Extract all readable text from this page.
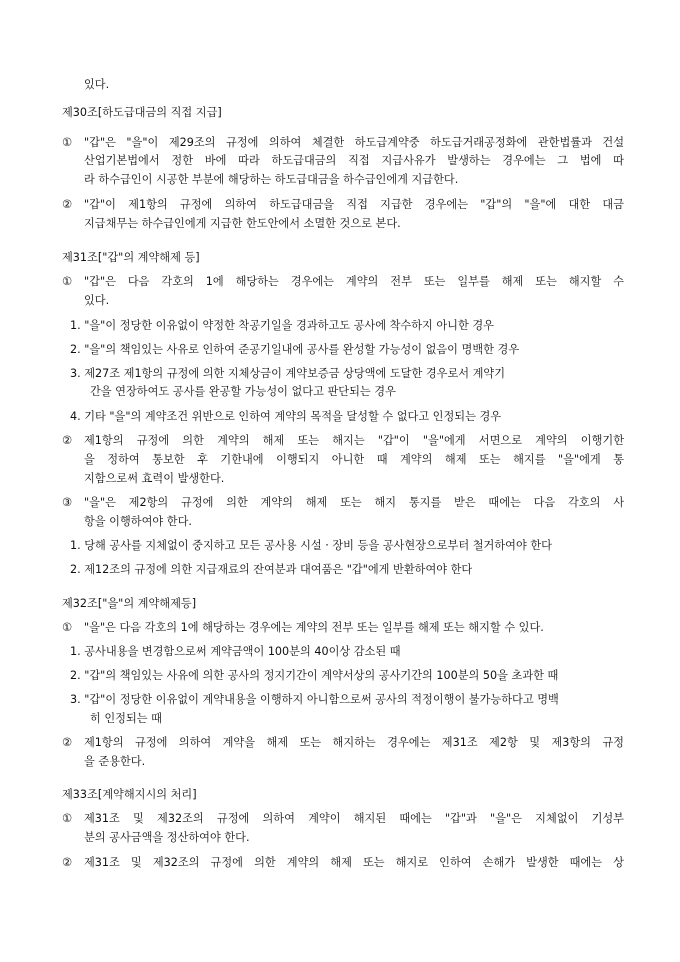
있다.
제30조[하도급대금의 직접 지급]
① "갑"은 "을"이 제29조의 규정에 의하여 체결한 하도급계약중 하도급거래공정화에 관한법률과 건설
산업기본법에서 정한 바에 따라 하도급대금의 직접 지급사유가 발생하는 경우에는 그 법에 따
라 하수급인이 시공한 부분에 해당하는 하도급대금을 하수급인에게 지급한다.
② "갑"이 제1항의 규정에 의하여 하도급대금을 직접 지급한 경우에는 "갑"의 "을"에 대한 대금
지급채무는 하수급인에게 지급한 한도안에서 소멸한 것으로 본다.
제31조["갑"의 계약해제 등]
① "갑"은 다음 각호의 1에 해당하는 경우에는 계약의 전부 또는 일부를 해제 또는 해지할 수
있다.
1. "을"이 정당한 이유없이 약정한 착공기일을 경과하고도 공사에 착수하지 아니한 경우
2. "을"의 책임있는 사유로 인하여 준공기일내에 공사를 완성할 가능성이 없음이 명백한 경우
3. 제27조 제1항의 규정에 의한 지체상금이 계약보증금 상당액에 도달한 경우로서 계약기
간을 연장하여도 공사를 완공할 가능성이 없다고 판단되는 경우
4. 기타 "을"의 계약조건 위반으로 인하여 계약의 목적을 달성할 수 없다고 인정되는 경우
② 제1항의 규정에 의한 계약의 해제 또는 해지는 "갑"이 "을"에게 서면으로 계약의 이행기한
을 정하여 통보한 후 기한내에 이행되지 아니한 때 계약의 해제 또는 해지를 "을"에게 통
지함으로써 효력이 발생한다.
③ "을"은 제2항의 규정에 의한 계약의 해제 또는 해지 통지를 받은 때에는 다음 각호의 사
항을 이행하여야 한다.
1. 당해 공사를 지체없이 중지하고 모든 공사용 시설 · 장비 등을 공사현장으로부터 철거하여야 한다
2. 제12조의 규정에 의한 지급재료의 잔여분과 대여품은 "갑"에게 반환하여야 한다
제32조["을"의 계약해제등]
① "을"은 다음 각호의 1에 해당하는 경우에는 계약의 전부 또는 일부를 해제 또는 해지할 수 있다.
1. 공사내용을 변경함으로써 계약금액이 100분의 40이상 감소된 때
2. "갑"의 책임있는 사유에 의한 공사의 정지기간이 계약서상의 공사기간의 100분의 50을 초과한 때
3. "갑"이 정당한 이유없이 계약내용을 이행하지 아니함으로써 공사의 적정이행이 불가능하다고 명백
히 인정되는 때
② 제1항의 규정에 의하여 계약을 해제 또는 해지하는 경우에는 제31조 제2항 및 제3항의 규정
을 준용한다.
제33조[계약해지시의 처리]
① 제31조 및 제32조의 규정에 의하여 계약이 해지된 때에는 "갑"과 "을"은 지체없이 기성부
분의 공사금액을 정산하여야 한다.
② 제31조 및 제32조의 규정에 의한 계약의 해제 또는 해지로 인하여 손해가 발생한 때에는 상
